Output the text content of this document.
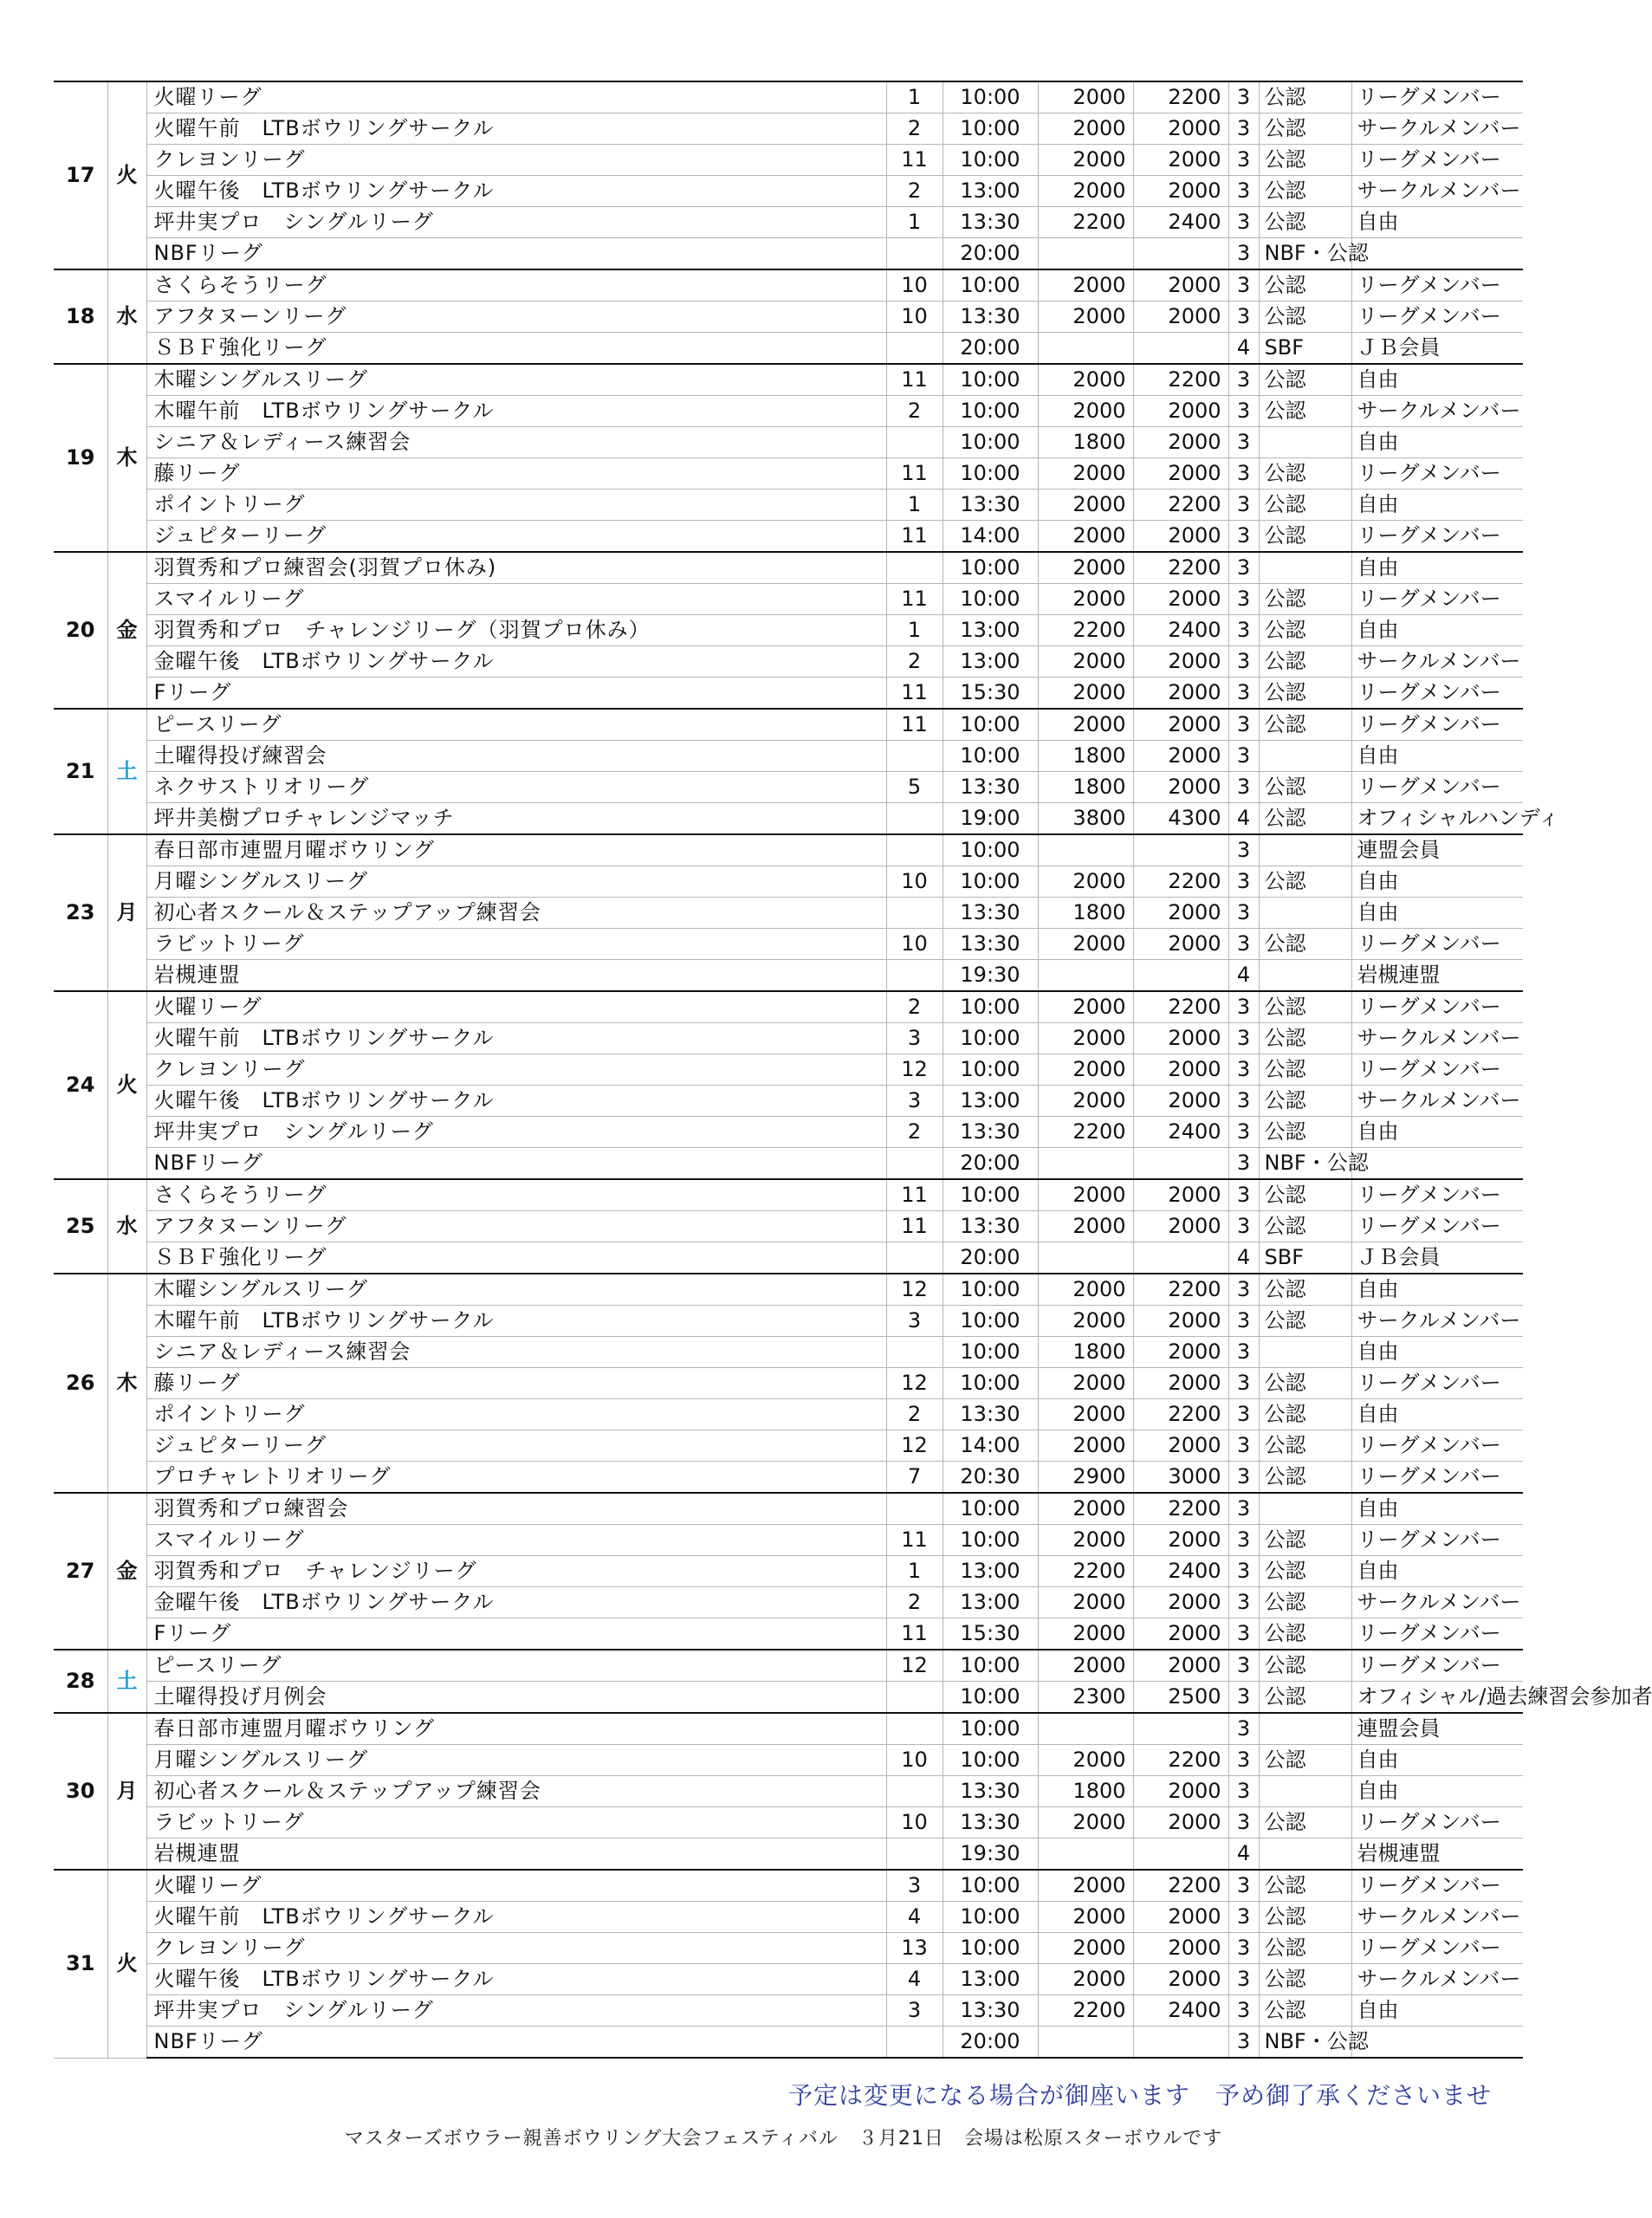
17	火	火曜リーグ	1	10:00	2000	2200	3	公認	リーグメンバー
		火曜午前　LTBボウリングサークル	2	10:00	2000	2000	3	公認	サークルメンバー
		クレヨンリーグ	11	10:00	2000	2000	3	公認	リーグメンバー
		火曜午後　LTBボウリングサークル	2	13:00	2000	2000	3	公認	サークルメンバー
		坪井実プロ　シングルリーグ	1	13:30	2200	2400	3	公認	自由
		NBFリーグ		20:00			3	NBF・公認	
18	水	さくらそうリーグ	10	10:00	2000	2000	3	公認	リーグメンバー
		アフタヌーンリーグ	10	13:30	2000	2000	3	公認	リーグメンバー
		ＳＢＦ強化リーグ		20:00			4	SBF	ＪＢ会員
19	木	木曜シングルスリーグ	11	10:00	2000	2200	3	公認	自由
		木曜午前　LTBボウリングサークル	2	10:00	2000	2000	3	公認	サークルメンバー
		シニア＆レディース練習会		10:00	1800	2000	3		自由
		藤リーグ	11	10:00	2000	2000	3	公認	リーグメンバー
		ポイントリーグ	1	13:30	2000	2200	3	公認	自由
		ジュピターリーグ	11	14:00	2000	2000	3	公認	リーグメンバー
20	金	羽賀秀和プロ練習会(羽賀プロ休み)		10:00	2000	2200	3		自由
		スマイルリーグ	11	10:00	2000	2000	3	公認	リーグメンバー
		羽賀秀和プロ　チャレンジリーグ（羽賀プロ休み）	1	13:00	2200	2400	3	公認	自由
		金曜午後　LTBボウリングサークル	2	13:00	2000	2000	3	公認	サークルメンバー
		Fリーグ	11	15:30	2000	2000	3	公認	リーグメンバー
21	土	ピースリーグ	11	10:00	2000	2000	3	公認	リーグメンバー
		土曜得投げ練習会		10:00	1800	2000	3		自由
		ネクサストリオリーグ	5	13:30	1800	2000	3	公認	リーグメンバー
		坪井美樹プロチャレンジマッチ		19:00	3800	4300	4	公認	オフィシャルハンディ
23	月	春日部市連盟月曜ボウリング		10:00			3		連盟会員
		月曜シングルスリーグ	10	10:00	2000	2200	3	公認	自由
		初心者スクール＆ステップアップ練習会		13:30	1800	2000	3		自由
		ラビットリーグ	10	13:30	2000	2000	3	公認	リーグメンバー
		岩槻連盟		19:30			4		岩槻連盟
24	火	火曜リーグ	2	10:00	2000	2200	3	公認	リーグメンバー
		火曜午前　LTBボウリングサークル	3	10:00	2000	2000	3	公認	サークルメンバー
		クレヨンリーグ	12	10:00	2000	2000	3	公認	リーグメンバー
		火曜午後　LTBボウリングサークル	3	13:00	2000	2000	3	公認	サークルメンバー
		坪井実プロ　シングルリーグ	2	13:30	2200	2400	3	公認	自由
		NBFリーグ		20:00			3	NBF・公認	
25	水	さくらそうリーグ	11	10:00	2000	2000	3	公認	リーグメンバー
		アフタヌーンリーグ	11	13:30	2000	2000	3	公認	リーグメンバー
		ＳＢＦ強化リーグ		20:00			4	SBF	ＪＢ会員
26	木	木曜シングルスリーグ	12	10:00	2000	2200	3	公認	自由
		木曜午前　LTBボウリングサークル	3	10:00	2000	2000	3	公認	サークルメンバー
		シニア＆レディース練習会		10:00	1800	2000	3		自由
		藤リーグ	12	10:00	2000	2000	3	公認	リーグメンバー
		ポイントリーグ	2	13:30	2000	2200	3	公認	自由
		ジュピターリーグ	12	14:00	2000	2000	3	公認	リーグメンバー
		プロチャレトリオリーグ	7	20:30	2900	3000	3	公認	リーグメンバー
27	金	羽賀秀和プロ練習会		10:00	2000	2200	3		自由
		スマイルリーグ	11	10:00	2000	2000	3	公認	リーグメンバー
		羽賀秀和プロ　チャレンジリーグ	1	13:00	2200	2400	3	公認	自由
		金曜午後　LTBボウリングサークル	2	13:00	2000	2000	3	公認	サークルメンバー
		Fリーグ	11	15:30	2000	2000	3	公認	リーグメンバー
28	土	ピースリーグ	12	10:00	2000	2000	3	公認	リーグメンバー
		土曜得投げ月例会		10:00	2300	2500	3	公認	オフィシャル/過去練習会参加者
30	月	春日部市連盟月曜ボウリング		10:00			3		連盟会員
		月曜シングルスリーグ	10	10:00	2000	2200	3	公認	自由
		初心者スクール＆ステップアップ練習会		13:30	1800	2000	3		自由
		ラビットリーグ	10	13:30	2000	2000	3	公認	リーグメンバー
		岩槻連盟		19:30			4		岩槻連盟
31	火	火曜リーグ	3	10:00	2000	2200	3	公認	リーグメンバー
		火曜午前　LTBボウリングサークル	4	10:00	2000	2000	3	公認	サークルメンバー
		クレヨンリーグ	13	10:00	2000	2000	3	公認	リーグメンバー
		火曜午後　LTBボウリングサークル	4	13:00	2000	2000	3	公認	サークルメンバー
		坪井実プロ　シングルリーグ	3	13:30	2200	2400	3	公認	自由
		NBFリーグ		20:00			3	NBF・公認	
予定は変更になる場合が御座います　予め御了承くださいませ
マスターズボウラー親善ボウリング大会フェスティバル　３月21日　会場は松原スターボウルです
